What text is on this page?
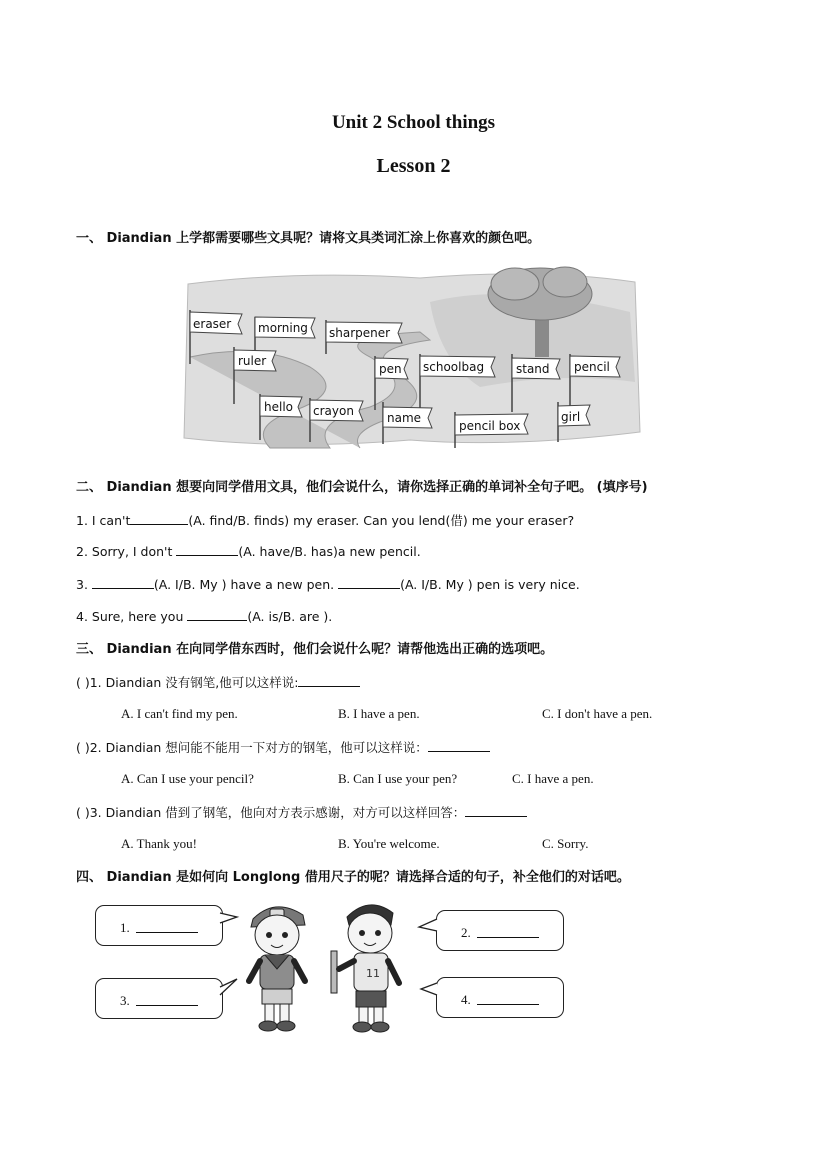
Unit 2 School things
Lesson 2
一、 Diandian 上学都需要哪些文具呢？请将文具类词汇涂上你喜欢的颜色吧。
eraser morning sharpener
ruler
pen schoolbag	stand pencil
hello crayon	name
pencil box
girl
二、 Diandian 想要向同学借用文具，他们会说什么，请你选择正确的单词补全句子吧。 (填序号)
1. I can't	(A. find/B. finds) my eraser. Can you lend(借) me your eraser?
2. Sorry, I don't	(A. have/B. has)a new pencil.
3.	(A. I/B. My ) have a new pen.	(A. I/B. My ) pen is very nice.
4. Sure, here you	(A. is/B. are ).
三、 Diandian 在向同学借东西时，他们会说什么呢？请帮他选出正确的选项吧。
( )1. Diandian 没有钢笔,他可以这样说:
A. I can't find my pen.	B. I have a pen.	C. I don't have a pen.
( )2. Diandian 想问能不能用一下对方的钢笔，他可以这样说：
A. Can I use your pencil?	B. Can I use your pen?	C. I have a pen.
( )3. Diandian 借到了钢笔，他向对方表示感谢，对方可以这样回答：
A. Thank you!	B. You're welcome.	C. Sorry.
四、 Diandian 是如何向 Longlong 借用尺子的呢？请选择合适的句子，补全他们的对话吧。
1.
3.
2.
4.
11
